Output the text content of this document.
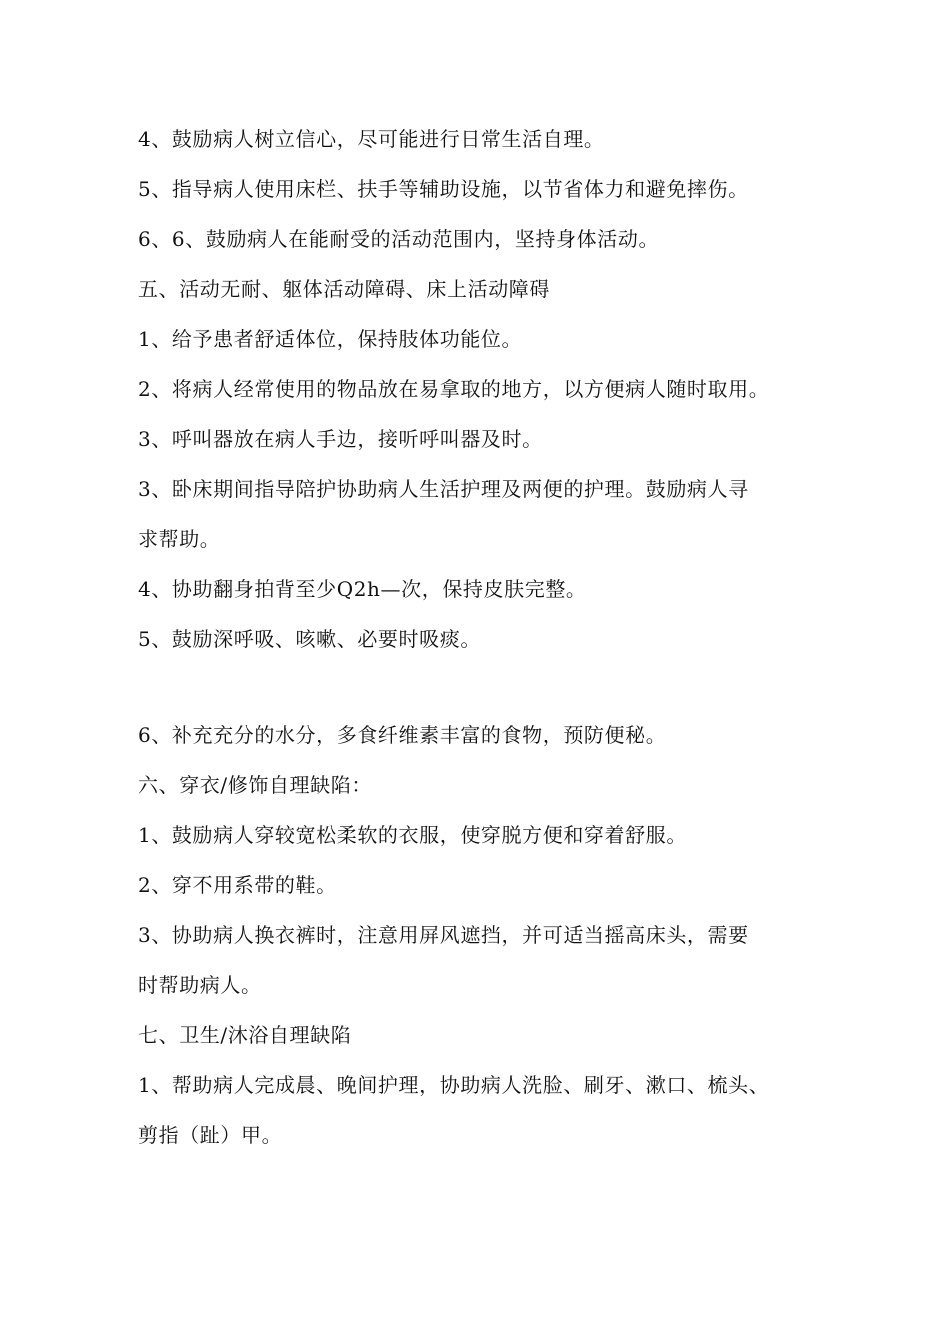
4、鼓励病人树立信心，尽可能进行日常生活自理。
5、指导病人使用床栏、扶手等辅助设施，以节省体力和避免摔伤。
6、6、鼓励病人在能耐受的活动范围内，坚持身体活动。
五、活动无耐、躯体活动障碍、床上活动障碍
1、给予患者舒适体位，保持肢体功能位。
2、将病人经常使用的物品放在易拿取的地方，以方便病人随时取用。
3、呼叫器放在病人手边，接听呼叫器及时。
3、卧床期间指导陪护协助病人生活护理及两便的护理。鼓励病人寻
求帮助。
4、协助翻身拍背至少Q2h—次，保持皮肤完整。
5、鼓励深呼吸、咳嗽、必要时吸痰。
6、补充充分的水分，多食纤维素丰富的食物，预防便秘。
六、穿衣/修饰自理缺陷：
1、鼓励病人穿较宽松柔软的衣服，使穿脱方便和穿着舒服。
2、穿不用系带的鞋。
3、协助病人换衣裤时，注意用屏风遮挡，并可适当摇高床头，需要
时帮助病人。
七、卫生/沐浴自理缺陷
1、帮助病人完成晨、晚间护理，协助病人洗脸、刷牙、漱口、梳头、
剪指（趾）甲。
